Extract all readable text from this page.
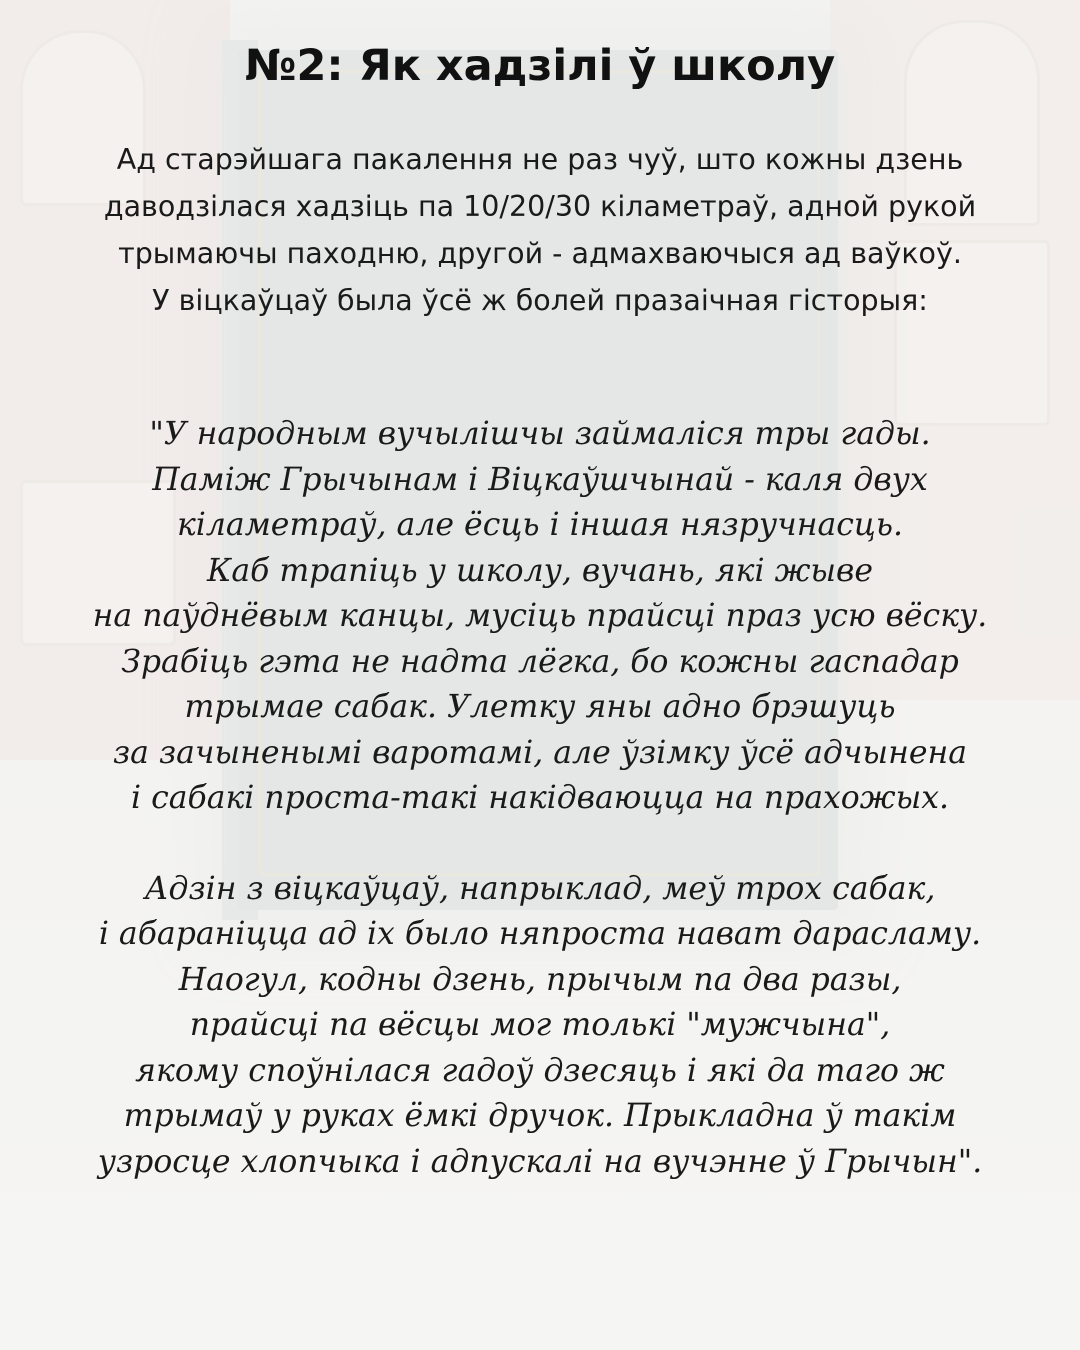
№2: Як хадзілі ў школу
Ад старэйшага пакалення не раз чуў, што кожны дзень
даводзілася хадзіць па 10/20/30 кіламетраў, адной рукой
трымаючы паходню, другой - адмахваючыся ад ваўкоў.
У віцкаўцаў была ўсё ж болей празаічная гісторыя:
"У народным вучылішчы займаліся тры гады.
Паміж Грычынам і Віцкаўшчынай - каля двух
кіламетраў, але ёсць і іншая нязручнасць.
Каб трапіць у школу, вучань, які жыве
на паўднёвым канцы, мусіць прайсці праз усю вёску.
Зрабіць гэта не надта лёгка, бо кожны гаспадар
трымае сабак. Улетку яны адно брэшуць
за зачыненымі варотамі, але ўзімку ўсё адчынена
і сабакі проста-такі накідваюцца на прахожых.
Адзін з віцкаўцаў, напрыклад, меў трох сабак,
і абараніцца ад іх было няпроста нават дарасламу.
Наогул, кодны дзень, прычым па два разы,
прайсці па вёсцы мог толькі "мужчына",
якому споўнілася гадоў дзесяць і які да таго ж
трымаў у руках ёмкі дручок. Прыкладна ў такім
узросце хлопчыка і адпускалі на вучэнне ў Грычын".
